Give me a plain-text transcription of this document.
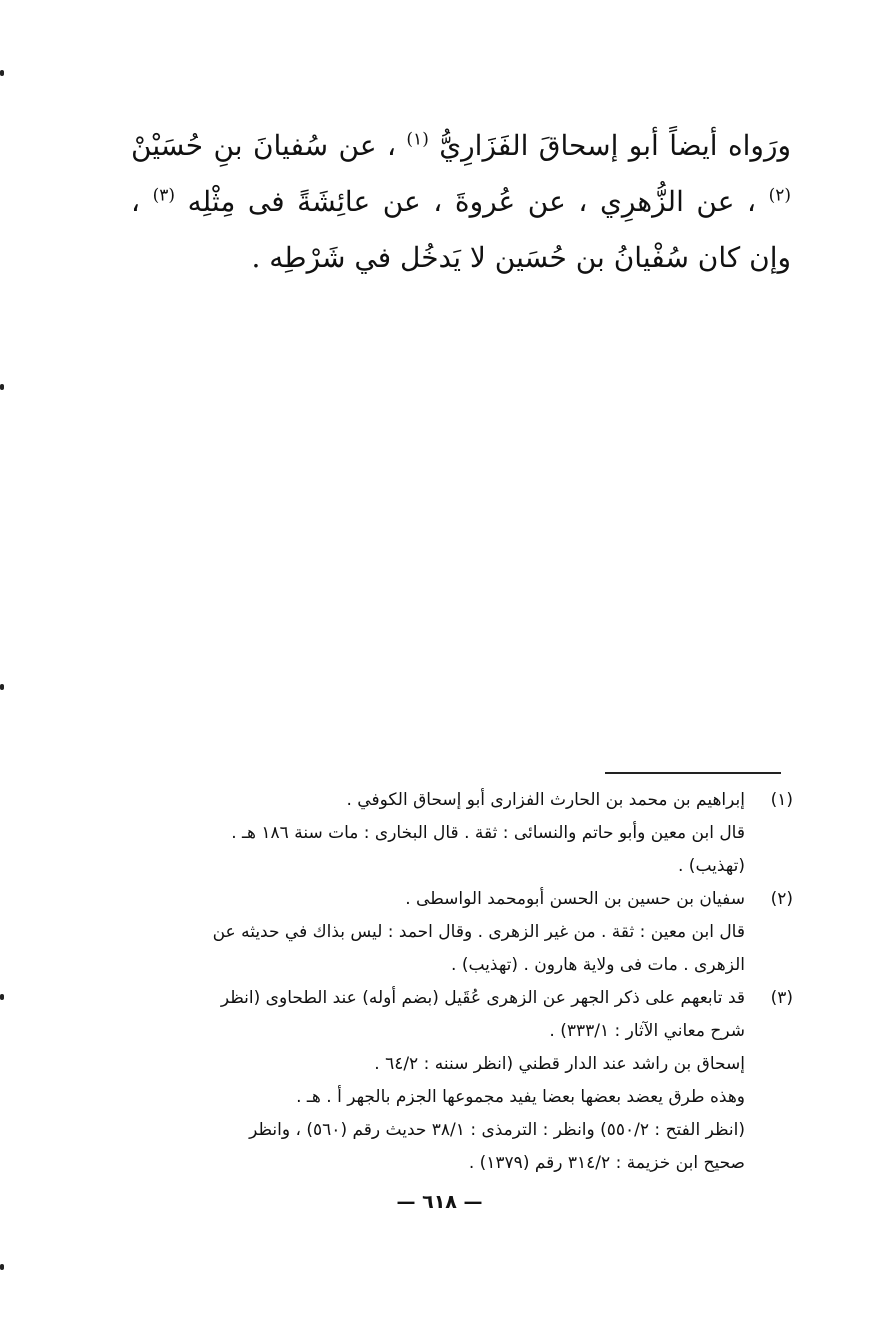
ورَواه أيضاً أبو إسحاقَ الفَزَارِيُّ $^{(١)}$ ، عن سُفيانَ بنِ حُسَيْنْ $^{(٢)}$ ، عن الزُّهرِي ، عن عُروةَ ، عن عائِشَةً فى مِثْلِه $^{(٣)}$ ، وإن كان سُفْيانُ بن حُسَين لا يَدخُل في شَرْطِه .

(١)
إبراهيم بن محمد بن الحارث الفزارى أبو إسحاق الكوفي .
قال ابن معين وأبو حاتم والنسائى : ثقة . قال البخارى : مات سنة ١٨٦ هـ .
(تهذيب) .
(٢)
سفيان بن حسين بن الحسن أبومحمد الواسطى .
قال ابن معين : ثقة . من غير الزهرى . وقال احمد : ليس بذاك في حديثه عن
الزهرى . مات فى ولاية هارون . (تهذيب) .
(٣)
قد تابعهم على ذكر الجهر عن الزهرى عُقَيل (بضم أوله) عند الطحاوى (انظر
شرح معاني الآثار : ٣٣٣/١) .
إسحاق بن راشد عند الدار قطني (انظر سننه : ٦٤/٢ .
وهذه طرق يعضد بعضها بعضا يفيد مجموعها الجزم بالجهر أ . هـ .
(انظر الفتح : ٥٥٠/٢) وانظر : الترمذى : ٣٨/١ حديث رقم (٥٦٠) ، وانظر
صحيح ابن خزيمة : ٣١٤/٢ رقم (١٣٧٩) .
— ٦١٨ —
